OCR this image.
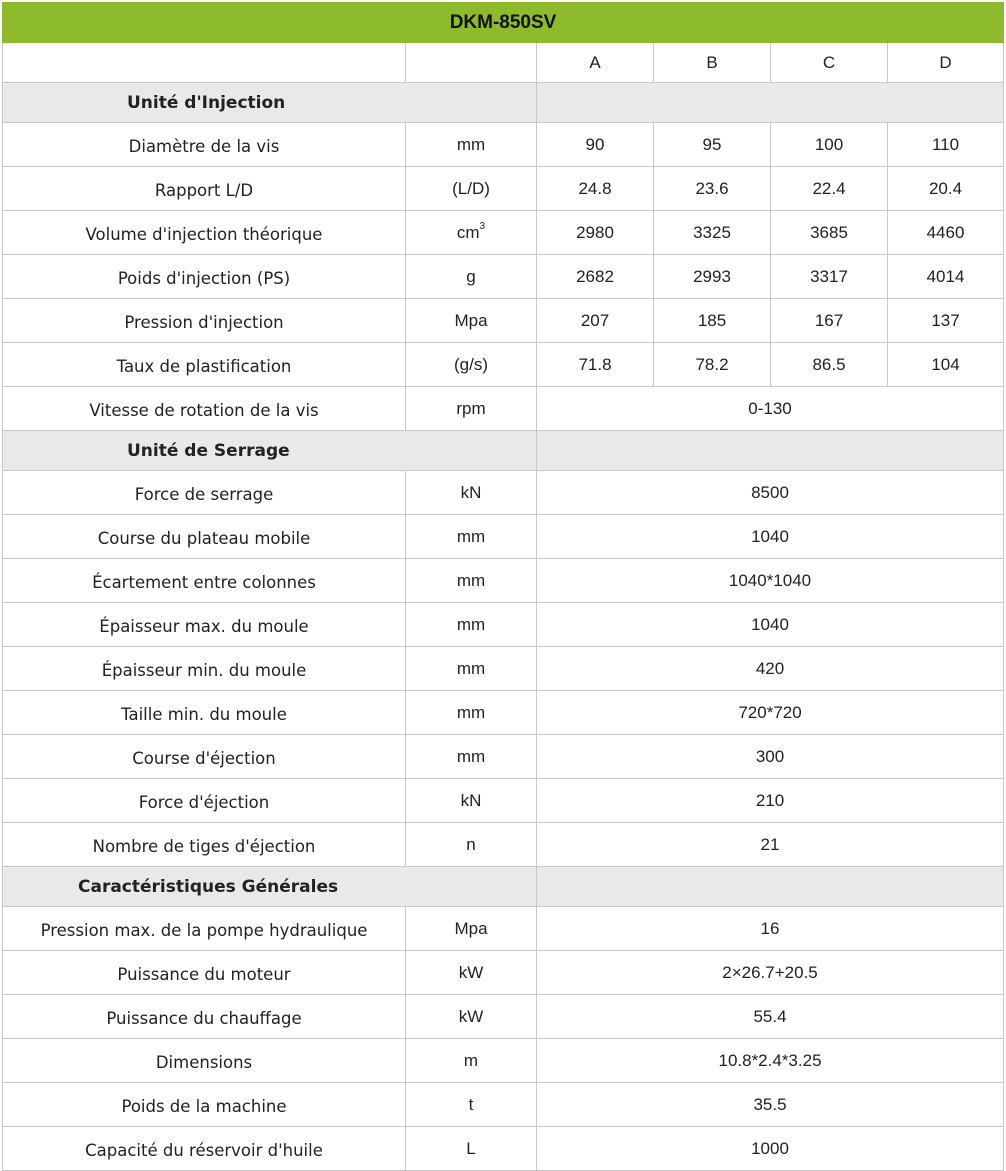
DKM-850SV					
		A	B	C	D
Unité d'Injection					
Diamètre de la vis	mm	90	95	100	110
Rapport L/D	(L/D)	24.8	23.6	22.4	20.4
Volume d'injection théorique	$cm^3$	2980	3325	3685	4460
Poids d'injection (PS)	g	2682	2993	3317	4014
Pression d'injection	Mpa	207	185	167	137
Taux de plastification	(g/s)	71.8	78.2	86.5	104
Vitesse de rotation de la vis	rpm	0-130			
Unité de Serrage					
Force de serrage	kN	8500			
Course du plateau mobile	mm	1040			
Écartement entre colonnes	mm	1040*1040			
Épaisseur max. du moule	mm	1040			
Épaisseur min. du moule	mm	420			
Taille min. du moule	mm	720*720			
Course d'éjection	mm	300			
Force d'éjection	kN	210			
Nombre de tiges d'éjection	n	21			
Caractéristiques Générales					
Pression max. de la pompe hydraulique	Mpa	16			
Puissance du moteur	kW	2×26.7+20.5			
Puissance du chauffage	kW	55.4			
Dimensions	m	10.8*2.4*3.25			
Poids de la machine	t	35.5			
Capacité du réservoir d'huile	L	1000			
